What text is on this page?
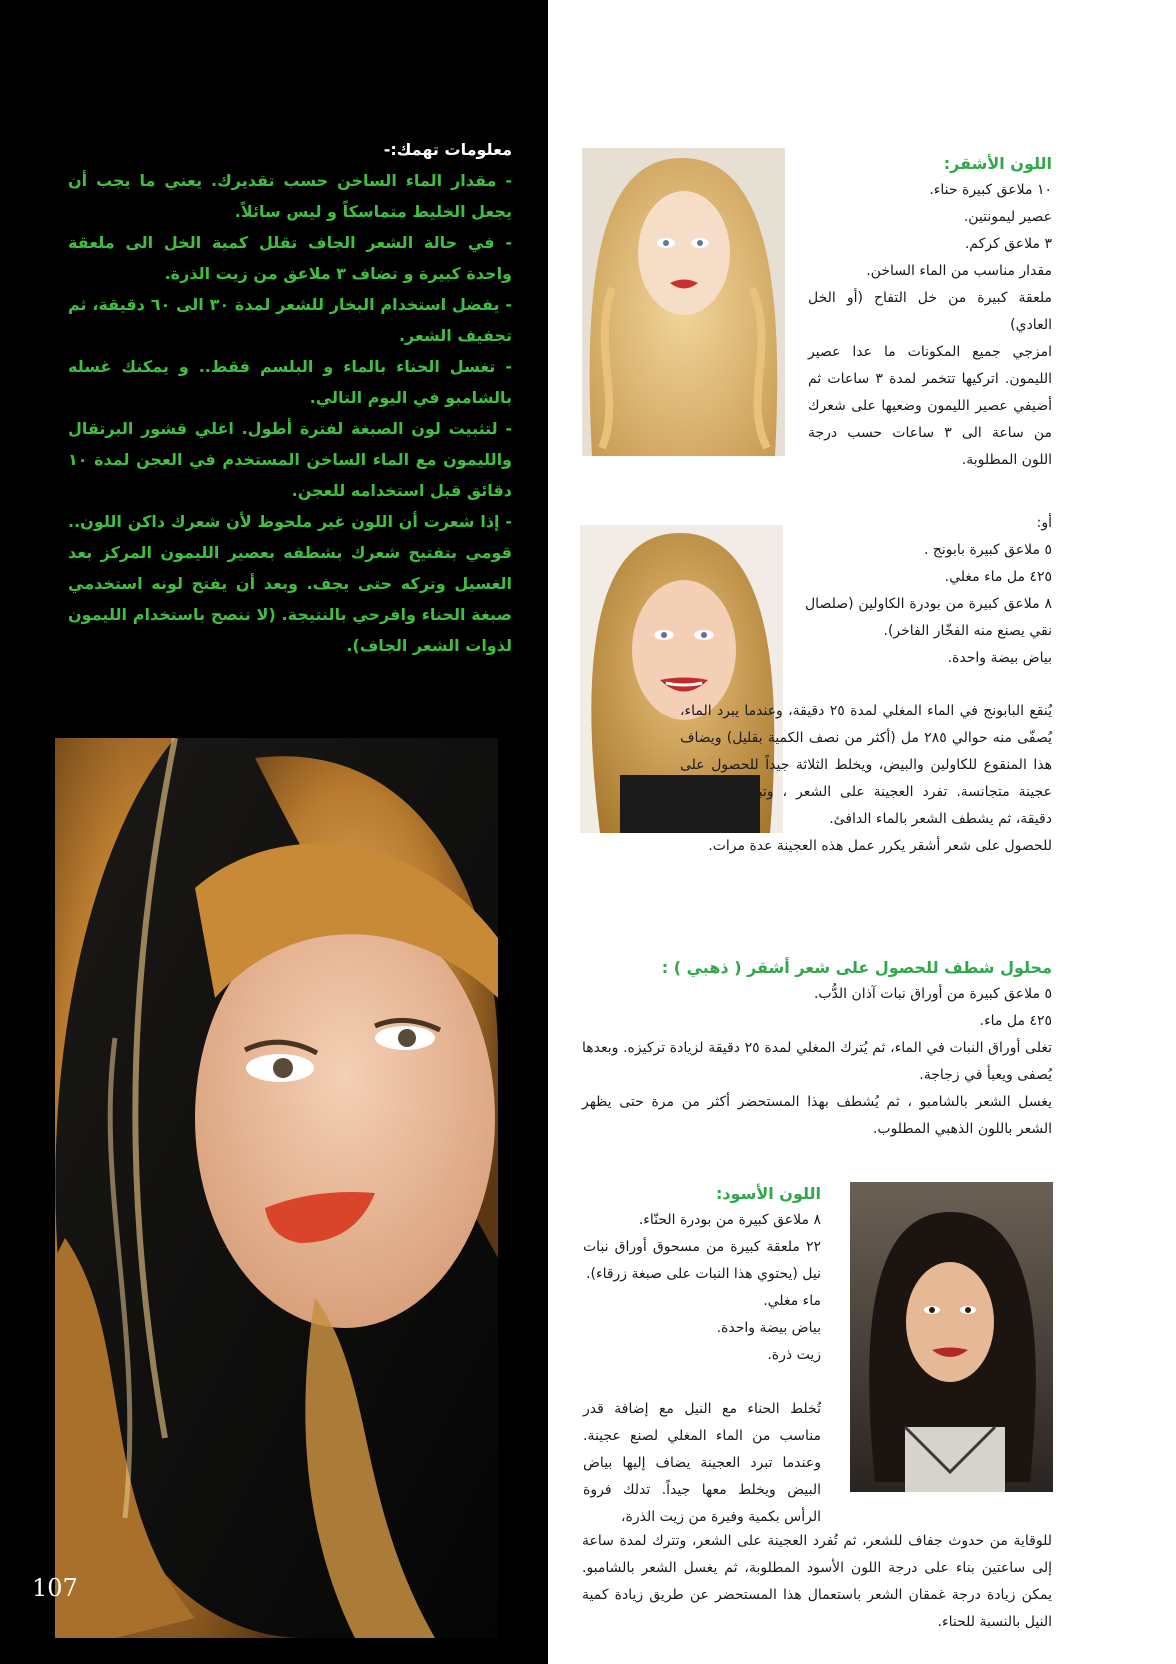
معلومات تهمك:-

- مقدار الماء الساخن حسب تقديرك. يعني ما يجب أن يجعل الخليط متماسكاً و ليس سائلاً.

- في حالة الشعر الجاف تقلل كمية الخل الى ملعقة واحدة كبيرة و تضاف ٣ ملاعق من زيت الذرة.

- يفضل استخدام البخار للشعر لمدة ٣٠ الى ٦٠ دقيقة، ثم تجفيف الشعر.

- تغسل الحناء بالماء و البلسم فقط.. و يمكنك غسله بالشامبو في اليوم التالي.

- لتثبيت لون الصبغة لفترة أطول. اغلي قشور البرتقال والليمون مع الماء الساخن المستخدم في العجن لمدة ١٠ دقائق قبل استخدامه للعجن.

- إذا شعرت أن اللون غير ملحوظ لأن شعرك داكن اللون.. قومي بتفتيح شعرك بشطفه بعصير الليمون المركز بعد الغسيل وتركه حتى يجف. وبعد أن يفتح لونه استخدمي صبغة الحناء وافرحي بالنتيجة. (لا ننصح باستخدام الليمون لذوات الشعر الجاف).

107

اللون الأشقر:

١٠ ملاعق كبيرة حناء.

عصير ليمونتين.

٣ ملاعق كركم.

مقدار مناسب من الماء الساخن.

ملعقة كبيرة من خل التفاح (أو الخل العادي)

امزجي جميع المكونات ما عدا عصير الليمون. اتركيها تتخمر لمدة ٣ ساعات ثم أضيفي عصير الليمون وضعيها على شعرك من ساعة الى ٣ ساعات حسب درجة اللون المطلوبة.

أو:

٥ ملاعق كبيرة بابونج .

٤٢٥ مل ماء مغلي.

٨ ملاعق كبيرة من بودرة الكاولين (صلصال نقي يصنع منه الفخّار الفاخر).

بياض بيضة واحدة.

يُنقع البابونج في الماء المغلي لمدة ٢٥ دقيقة، وعندما يبرد الماء، يُصفّى منه حوالي ٢٨٥ مل (أكثر من نصف الكمية بقليل) ويضاف هذا المنقوع للكاولين والبيض، ويخلط الثلاثة جيداً للحصول على عجينة متجانسة. تفرد العجينة على الشعر ، وتبقى لمدة ٥٠ دقيقة، ثم يشطف الشعر بالماء الدافئ.

للحصول على شعر أشقر يكرر عمل هذه العجينة عدة مرات.

محلول شطف للحصول على شعر أشقر ( ذهبي ) :

٥ ملاعق كبيرة من أوراق نبات آذان الدُّب.

٤٢٥ مل ماء.

تغلى أوراق النبات في الماء، ثم يُترك المغلي لمدة ٢٥ دقيقة لزيادة تركيزه. وبعدها يُصفى ويعبأ في زجاجة.

يغسل الشعر بالشامبو ، ثم يُشطف بهذا المستحضر أكثر من مرة حتى يظهر الشعر باللون الذهبي المطلوب.

اللون الأسود:

٨ ملاعق كبيرة من بودرة الحنّاء.

٢٢ ملعقة كبيرة من مسحوق أوراق نبات نيل (يحتوي هذا النبات على صبغة زرقاء).

ماء مغلي.

بياض بيضة واحدة.

زيت ذرة.

تُخلط الحناء مع النيل مع إضافة قدر مناسب من الماء المغلي لصنع عجينة. وعندما تبرد العجينة يضاف إليها بياض البيض ويخلط معها جيداً. تدلك فروة الرأس بكمية وفيرة من زيت الذرة،

للوقاية من حدوث جفاف للشعر، ثم تُفرد العجينة على الشعر، وتترك لمدة ساعة إلى ساعتين بناء على درجة اللون الأسود المطلوبة، ثم يغسل الشعر بالشامبو. يمكن زيادة درجة غمقان الشعر باستعمال هذا المستحضر عن طريق زيادة كمية النيل بالنسبة للحناء.
